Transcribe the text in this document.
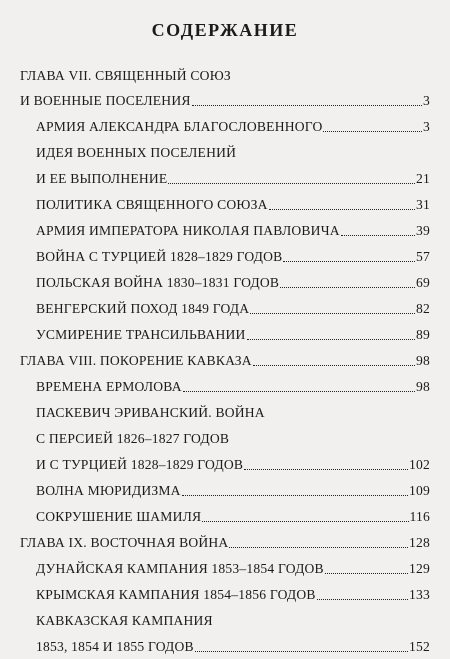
СОДЕРЖАНИЕ
ГЛАВА VII. СВЯЩЕННЫЙ СОЮЗ
И ВОЕННЫЕ ПОСЕЛЕНИЯ	3
АРМИЯ АЛЕКСАНДРА БЛАГОСЛОВЕННОГО	3
ИДЕЯ ВОЕННЫХ ПОСЕЛЕНИЙ
И ЕЕ ВЫПОЛНЕНИЕ	21
ПОЛИТИКА СВЯЩЕННОГО СОЮЗА	31
АРМИЯ ИМПЕРАТОРА НИКОЛАЯ ПАВЛОВИЧА	39
ВОЙНА С ТУРЦИЕЙ 1828–1829 ГОДОВ	57
ПОЛЬСКАЯ ВОЙНА 1830–1831 ГОДОВ	69
ВЕНГЕРСКИЙ ПОХОД 1849 ГОДА	82
УСМИРЕНИЕ ТРАНСИЛЬВАНИИ	89
ГЛАВА VIII. ПОКОРЕНИЕ КАВКАЗА	98
ВРЕМЕНА ЕРМОЛОВА	98
ПАСКЕВИЧ ЭРИВАНСКИЙ. ВОЙНА
С ПЕРСИЕЙ 1826–1827 ГОДОВ
И С ТУРЦИЕЙ 1828–1829 ГОДОВ	102
ВОЛНА МЮРИДИЗМА	109
СОКРУШЕНИЕ ШАМИЛЯ	116
ГЛАВА IX. ВОСТОЧНАЯ ВОЙНА	128
ДУНАЙСКАЯ КАМПАНИЯ 1853–1854 ГОДОВ	129
КРЫМСКАЯ КАМПАНИЯ 1854–1856 ГОДОВ	133
КАВКАЗСКАЯ КАМПАНИЯ
1853, 1854 И 1855 ГОДОВ	152
